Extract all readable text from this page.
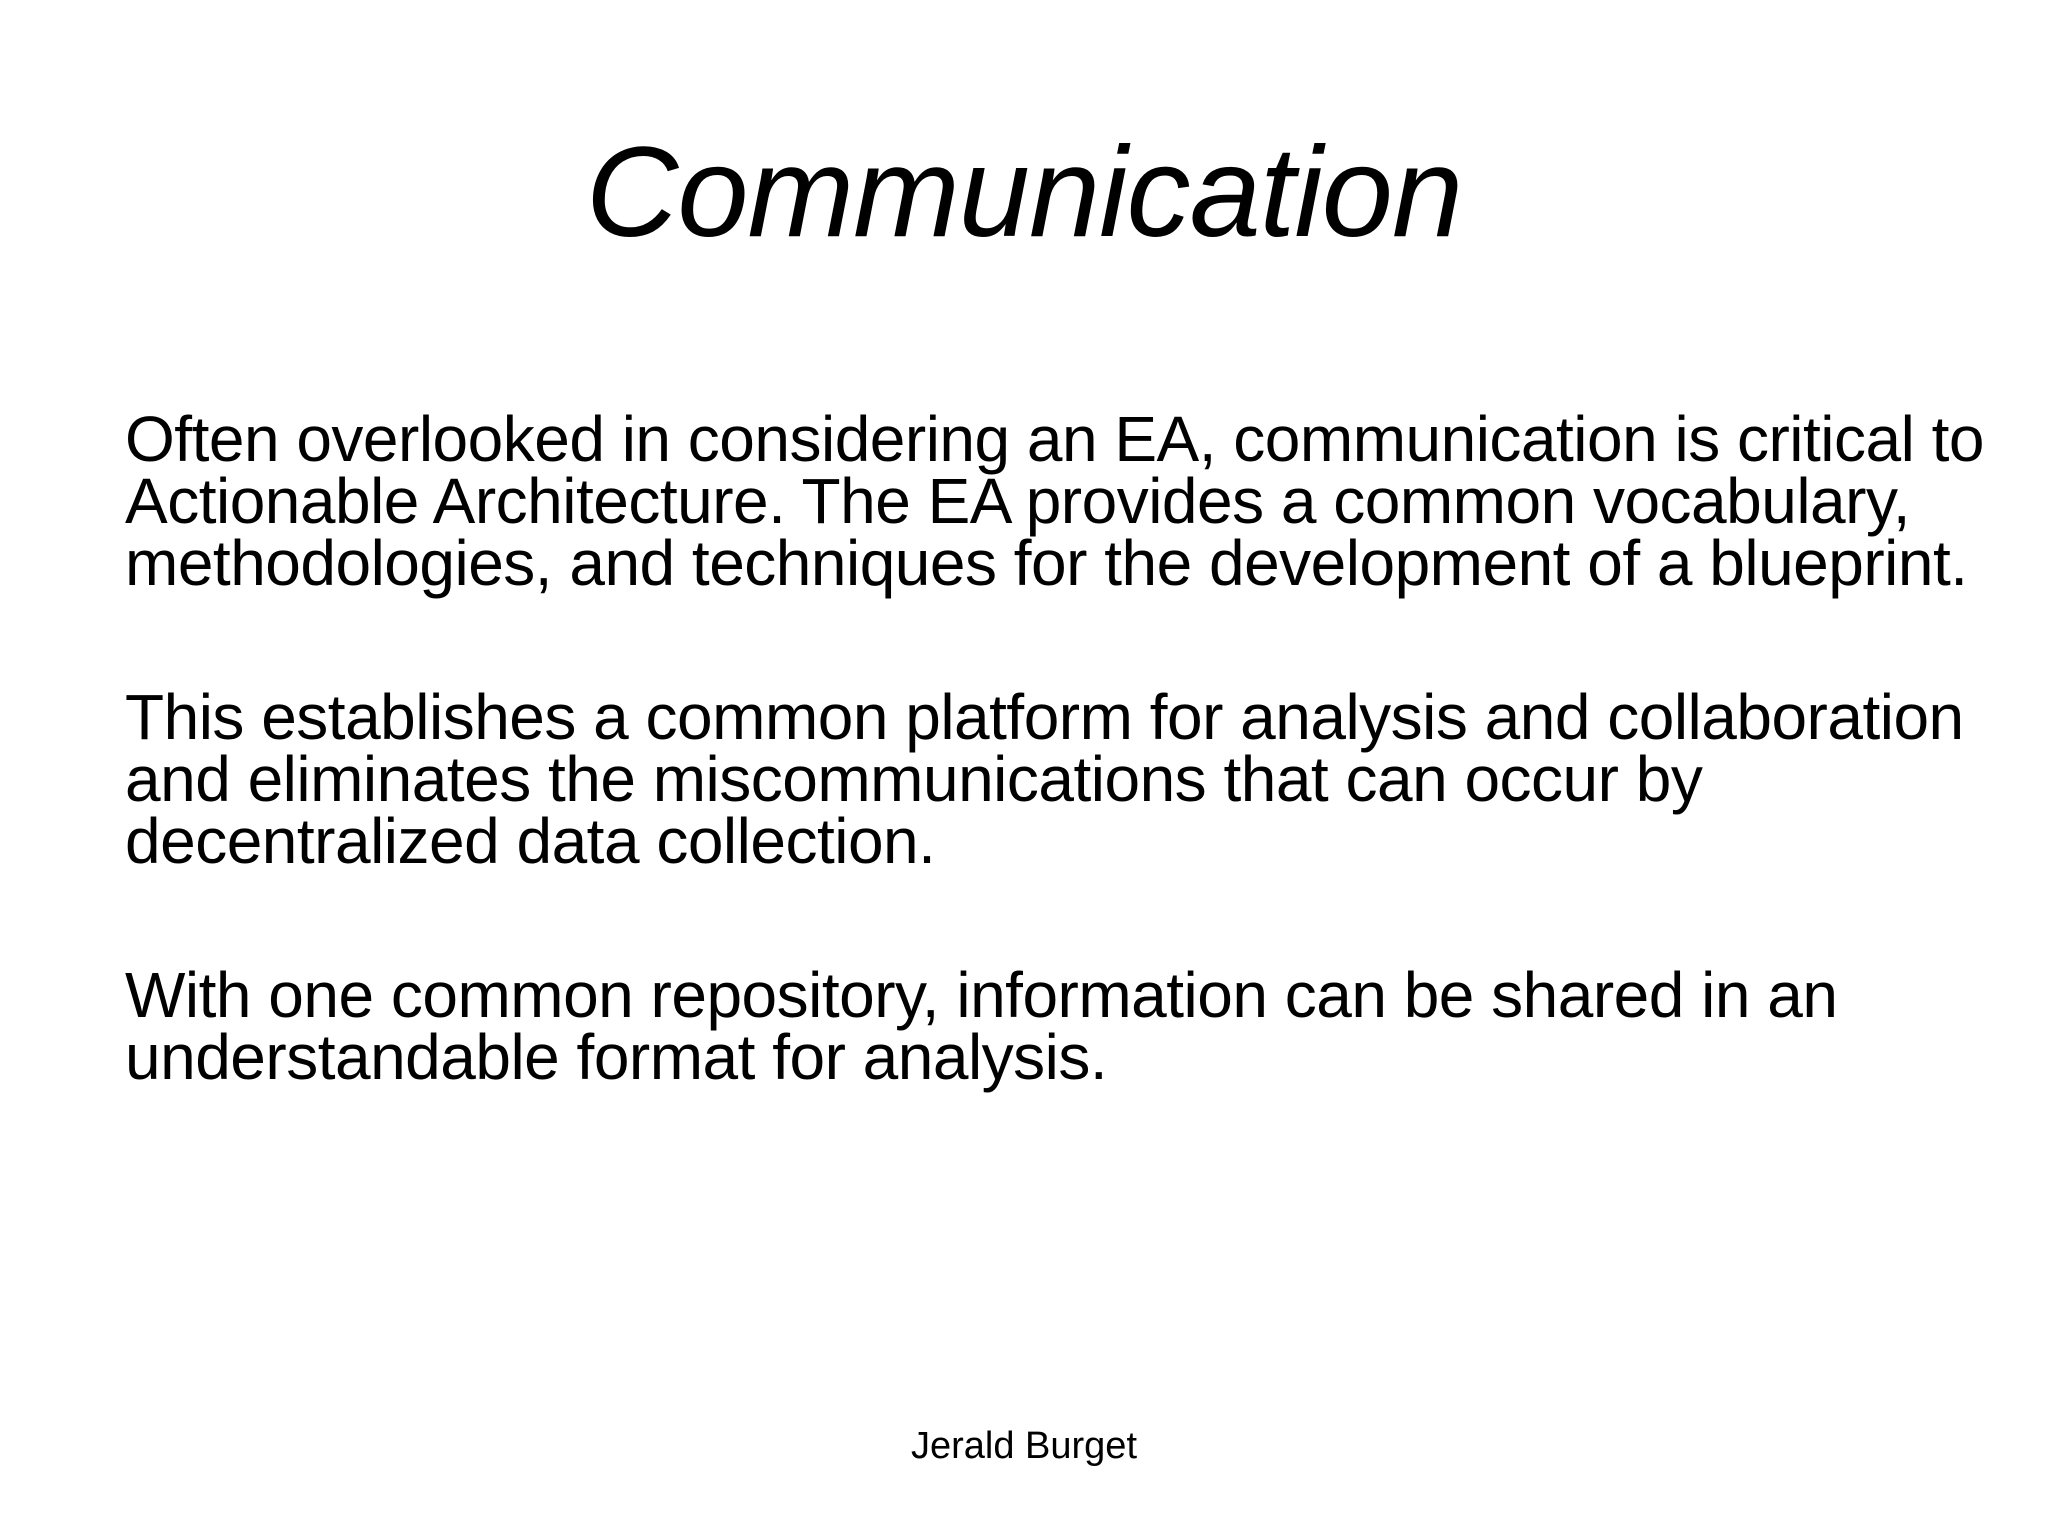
Communication

Often overlooked in considering an EA, communication is critical to Actionable Architecture. The EA provides a common vocabulary, methodologies, and techniques for the development of a blueprint.

This establishes a common platform for analysis and collaboration and eliminates the miscommunications that can occur by decentralized data collection.

With one common repository, information can be shared in an understandable format for analysis.

Jerald Burget
